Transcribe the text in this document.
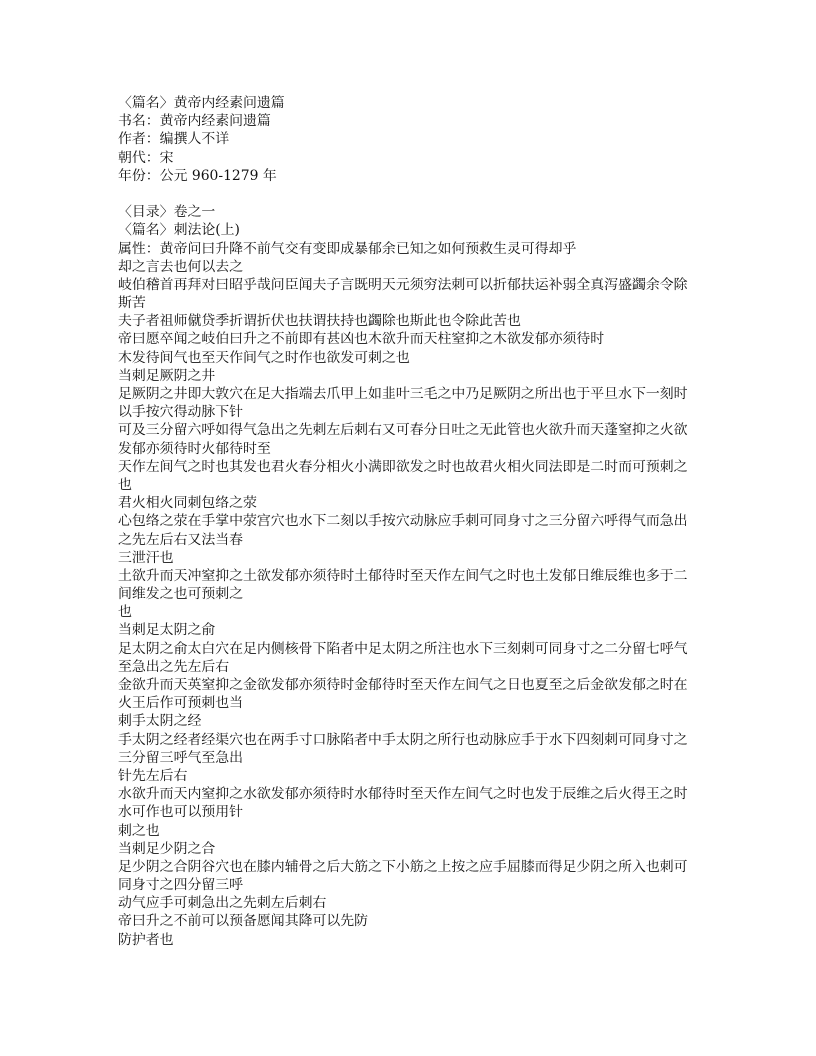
〈篇名〉黄帝内经素问遗篇
书名：黄帝内经素问遗篇
作者：编撰人不详
朝代：宋
年份：公元 960-1279 年
〈目录〉卷之一
〈篇名〉刺法论(上)
属性：黄帝问曰升降不前气交有变即成暴郁余已知之如何预救生灵可得却乎
却之言去也何以去之
岐伯稽首再拜对曰昭乎哉问臣闻夫子言既明天元须穷法刺可以折郁扶运补弱全真泻盛蠲余令除
斯苦
夫子者祖师僦贷季折谓折伏也扶谓扶持也蠲除也斯此也令除此苦也
帝曰愿卒闻之岐伯曰升之不前即有甚凶也木欲升而天柱窒抑之木欲发郁亦须待时
木发待间气也至天作间气之时作也欲发可刺之也
当刺足厥阴之井
足厥阴之井即大敦穴在足大指端去爪甲上如韭叶三毛之中乃足厥阴之所出也于平旦水下一刻时
以手按穴得动脉下针
可及三分留六呼如得气急出之先刺左后刺右又可春分日吐之无此管也火欲升而天蓬窒抑之火欲
发郁亦须待时火郁待时至
天作左间气之时也其发也君火春分相火小满即欲发之时也故君火相火同法即是二时而可预刺之
也
君火相火同刺包络之荥
心包络之荥在手掌中荥宫穴也水下二刻以手按穴动脉应手刺可同身寸之三分留六呼得气而急出
之先左后右又法当春
三泄汗也
土欲升而天冲窒抑之土欲发郁亦须待时土郁待时至天作左间气之时也土发郁日维辰维也多于二
间维发之也可预刺之
也
当刺足太阴之俞
足太阴之俞太白穴在足内侧核骨下陷者中足太阴之所注也水下三刻刺可同身寸之二分留七呼气
至急出之先左后右
金欲升而天英窒抑之金欲发郁亦须待时金郁待时至天作左间气之日也夏至之后金欲发郁之时在
火王后作可预刺也当
刺手太阴之经
手太阴之经者经渠穴也在两手寸口脉陷者中手太阴之所行也动脉应手于水下四刻刺可同身寸之
三分留三呼气至急出
针先左后右
水欲升而天内窒抑之水欲发郁亦须待时水郁待时至天作左间气之时也发于辰维之后火得王之时
水可作也可以预用针
刺之也
当刺足少阴之合
足少阴之合阴谷穴也在膝内辅骨之后大筋之下小筋之上按之应手屈膝而得足少阴之所入也刺可
同身寸之四分留三呼
动气应手可刺急出之先刺左后刺右
帝曰升之不前可以预备愿闻其降可以先防
防护者也
